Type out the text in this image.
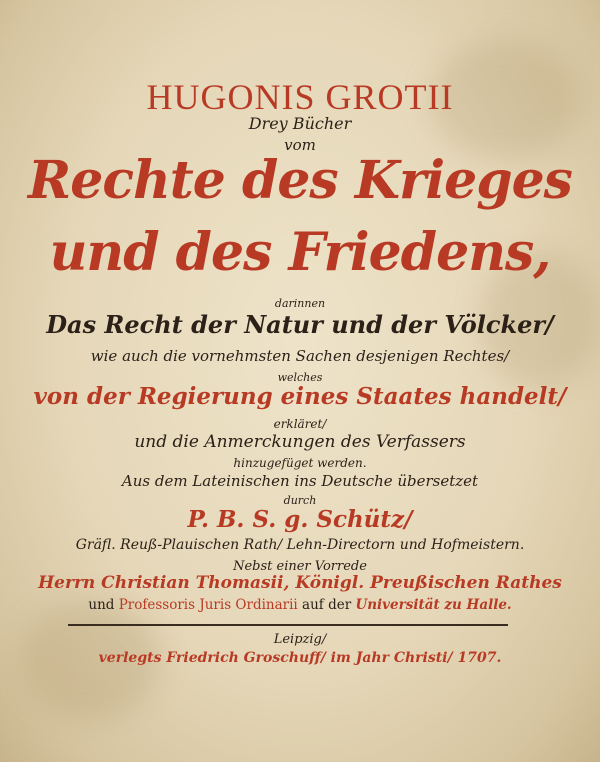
HUGONIS GROTII
Drey Bücher
vom
Rechte des Krieges
und des Friedens,
darinnen
Das Recht der Natur und der Völcker/
wie auch die vornehmsten Sachen desjenigen Rechtes/
welches
von der Regierung eines Staates handelt/
erkläret/
und die Anmerckungen des Verfassers
hinzugefüget werden.
Aus dem Lateinischen ins Deutsche übersetzet
durch
P. B. S. g. Schütz/
Gräfl. Reuß-Plauischen Rath/ Lehn-Directorn und Hofmeistern.
Nebst einer Vorrede
Herrn Christian Thomasii, Königl. Preußischen Rathes
und Professoris Juris Ordinarii auf der Universität zu Halle.
Leipzig/
verlegts Friedrich Groschuff/ im Jahr Christi/ 1707.
